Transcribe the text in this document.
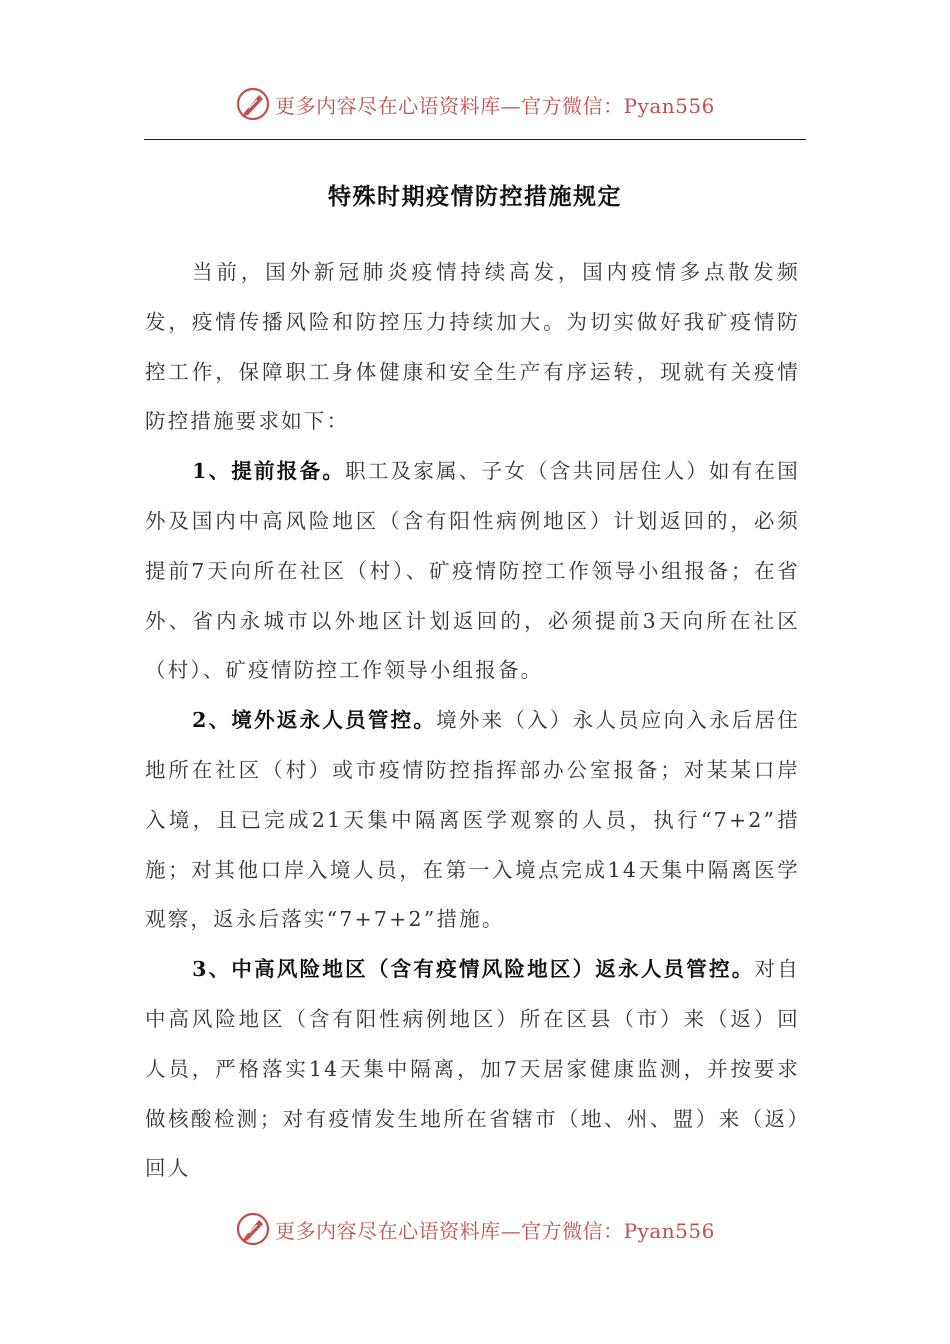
更多内容尽在心语资料库—官方微信：Pyan556
特殊时期疫情防控措施规定

当前，国外新冠肺炎疫情持续高发，国内疫情多点散发频发，疫情传播风险和防控压力持续加大。为切实做好我矿疫情防控工作，保障职工身体健康和安全生产有序运转，现就有关疫情防控措施要求如下：

1、提前报备。职工及家属、子女（含共同居住人）如有在国外及国内中高风险地区（含有阳性病例地区）计划返回的，必须提前7天向所在社区（村）、矿疫情防控工作领导小组报备；在省外、省内永城市以外地区计划返回的，必须提前3天向所在社区（村）、矿疫情防控工作领导小组报备。

2、境外返永人员管控。境外来（入）永人员应向入永后居住地所在社区（村）或市疫情防控指挥部办公室报备；对某某口岸入境，且已完成21天集中隔离医学观察的人员，执行“7+2”措施；对其他口岸入境人员，在第一入境点完成14天集中隔离医学观察，返永后落实“7+7+2”措施。

3、中高风险地区（含有疫情风险地区）返永人员管控。对自中高风险地区（含有阳性病例地区）所在区县（市）来（返）回人员，严格落实14天集中隔离，加7天居家健康监测，并按要求做核酸检测；对有疫情发生地所在省辖市（地、州、盟）来（返）回人

更多内容尽在心语资料库—官方微信：Pyan556
